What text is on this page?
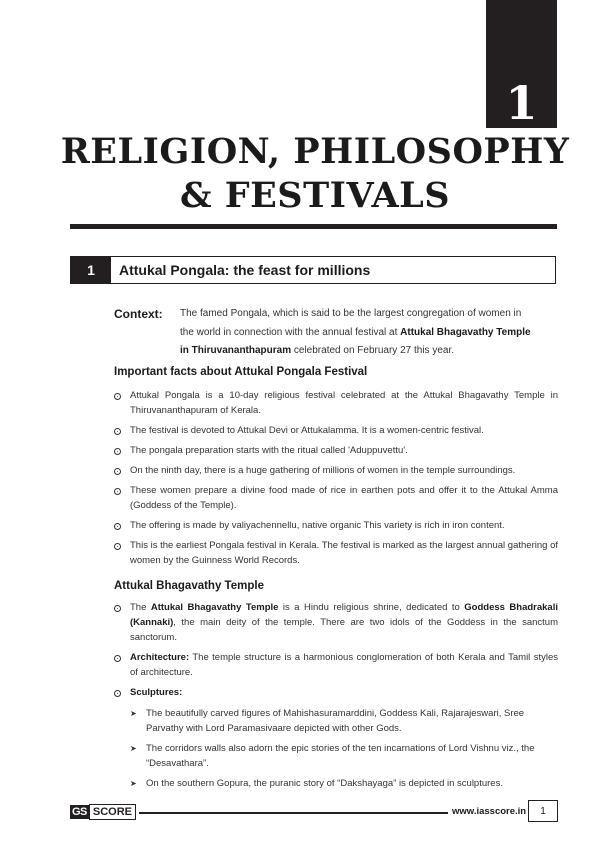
1
RELIGION, PHILOSOPHY
& FESTIVALS
1	Attukal Pongala: the feast for millions
Context: The famed Pongala, which is said to be the largest congregation of women in the world in connection with the annual festival at Attukal Bhagavathy Temple in Thiruvananthapuram celebrated on February 27 this year.
Important facts about Attukal Pongala Festival
Attukal Pongala is a 10-day religious festival celebrated at the Attukal Bhagavathy Temple in Thiruvananthapuram of Kerala.
The festival is devoted to Attukal Devi or Attukalamma. It is a women-centric festival.
The pongala preparation starts with the ritual called 'Aduppuvettu'.
On the ninth day, there is a huge gathering of millions of women in the temple surroundings.
These women prepare a divine food made of rice in earthen pots and offer it to the Attukal Amma (Goddess of the Temple).
The offering is made by valiyachennellu, native organic This variety is rich in iron content.
This is the earliest Pongala festival in Kerala. The festival is marked as the largest annual gathering of women by the Guinness World Records.
Attukal Bhagavathy Temple
The Attukal Bhagavathy Temple is a Hindu religious shrine, dedicated to Goddess Bhadrakali (Kannaki), the main deity of the temple. There are two idols of the Goddess in the sanctum sanctorum.
Architecture: The temple structure is a harmonious conglomeration of both Kerala and Tamil styles of architecture.
Sculptures:
➤ The beautifully carved figures of Mahishasuramarddini, Goddess Kali, Rajarajeswari, Sree Parvathy with Lord Paramasivaare depicted with other Gods.
➤ The corridors walls also adorn the epic stories of the ten incarnations of Lord Vishnu viz., the “Desavathara”.
➤ On the southern Gopura, the puranic story of “Dakshayaga” is depicted in sculptures.
GS SCORE	www.iasscore.in	1
